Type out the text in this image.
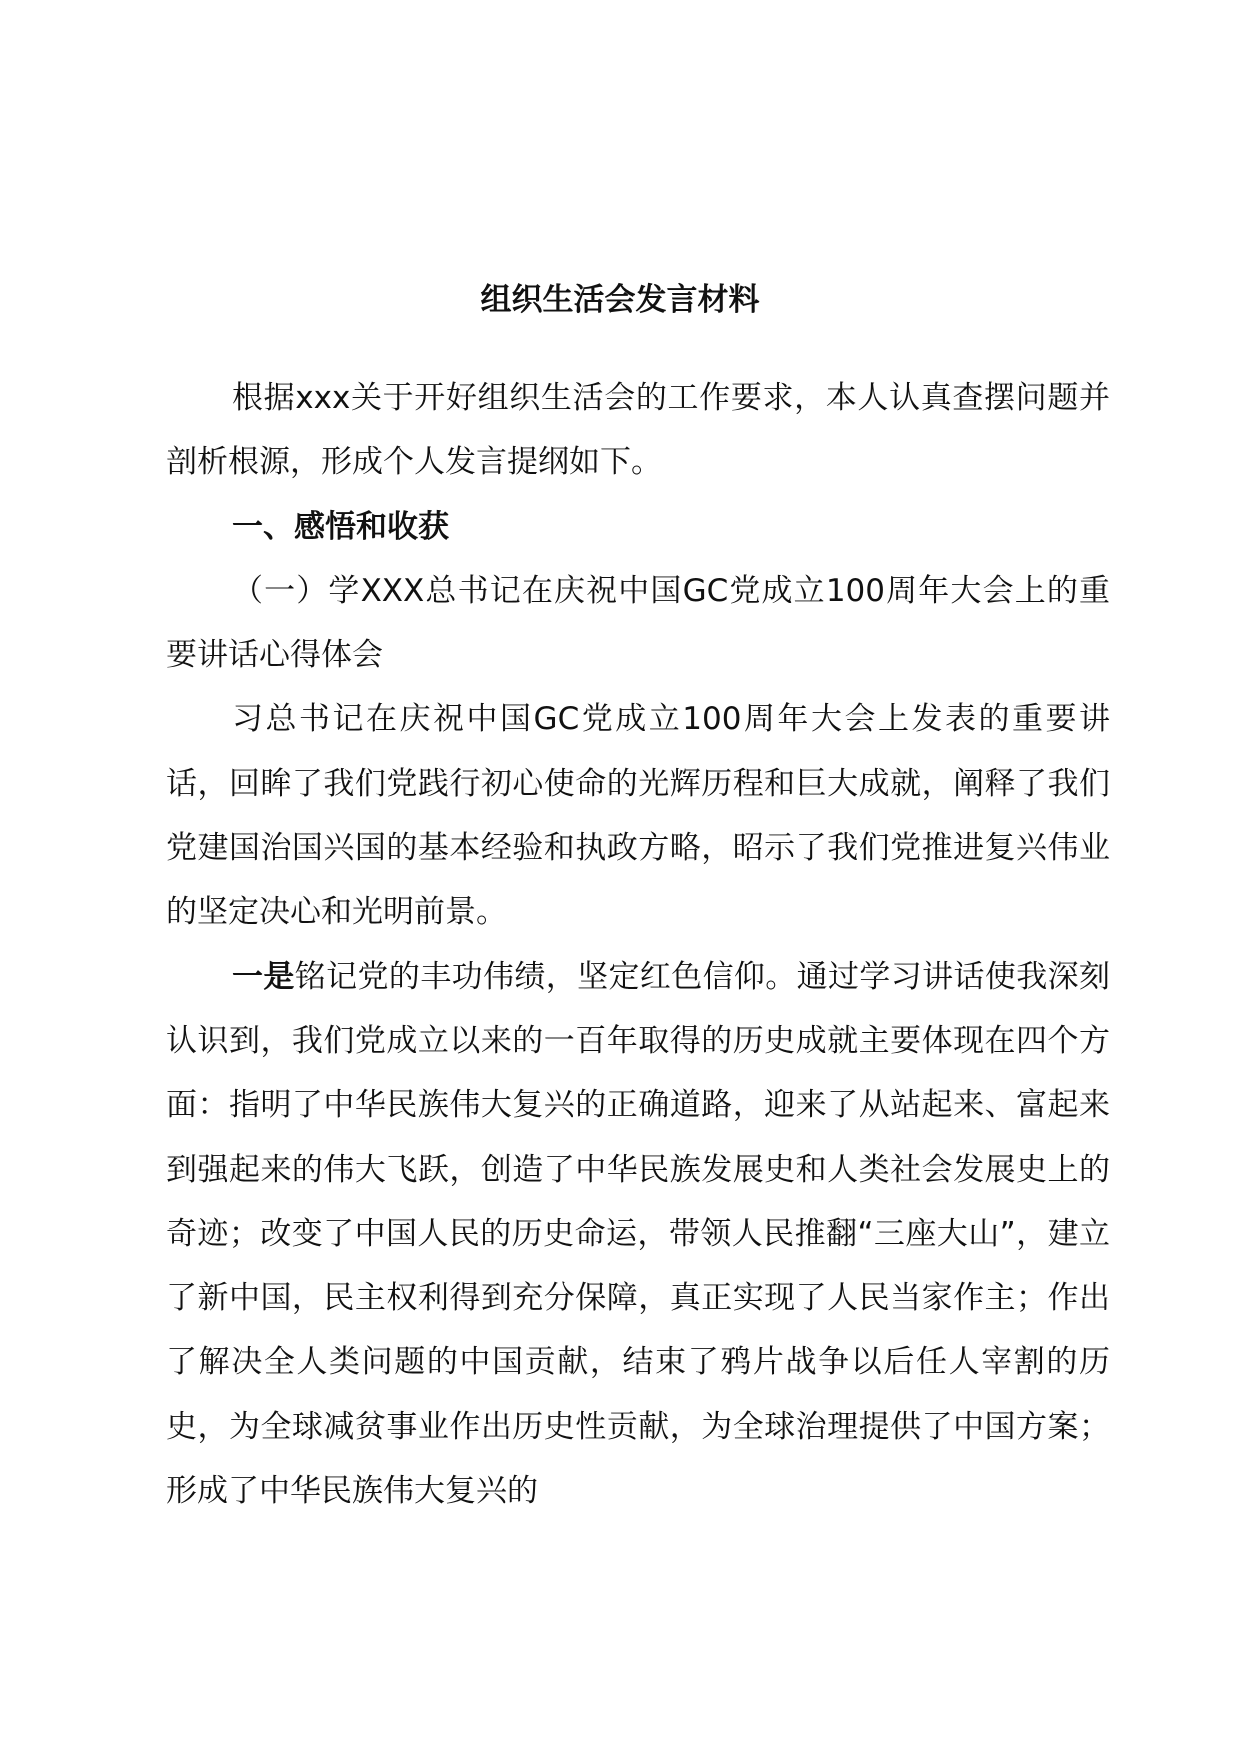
组织生活会发言材料

根据xxx关于开好组织生活会的工作要求，本人认真查摆问题并剖析根源，形成个人发言提纲如下。

一、感悟和收获

（一）学XXX总书记在庆祝中国GC党成立100周年大会上的重要讲话心得体会

习总书记在庆祝中国GC党成立100周年大会上发表的重要讲话，回眸了我们党践行初心使命的光辉历程和巨大成就，阐释了我们党建国治国兴国的基本经验和执政方略，昭示了我们党推进复兴伟业的坚定决心和光明前景。

一是铭记党的丰功伟绩，坚定红色信仰。通过学习讲话使我深刻认识到，我们党成立以来的一百年取得的历史成就主要体现在四个方面：指明了中华民族伟大复兴的正确道路，迎来了从站起来、富起来到强起来的伟大飞跃，创造了中华民族发展史和人类社会发展史上的奇迹；改变了中国人民的历史命运，带领人民推翻“三座大山”，建立了新中国，民主权利得到充分保障，真正实现了人民当家作主；作出了解决全人类问题的中国贡献，结束了鸦片战争以后任人宰割的历史，为全球减贫事业作出历史性贡献，为全球治理提供了中国方案；形成了中华民族伟大复兴的
